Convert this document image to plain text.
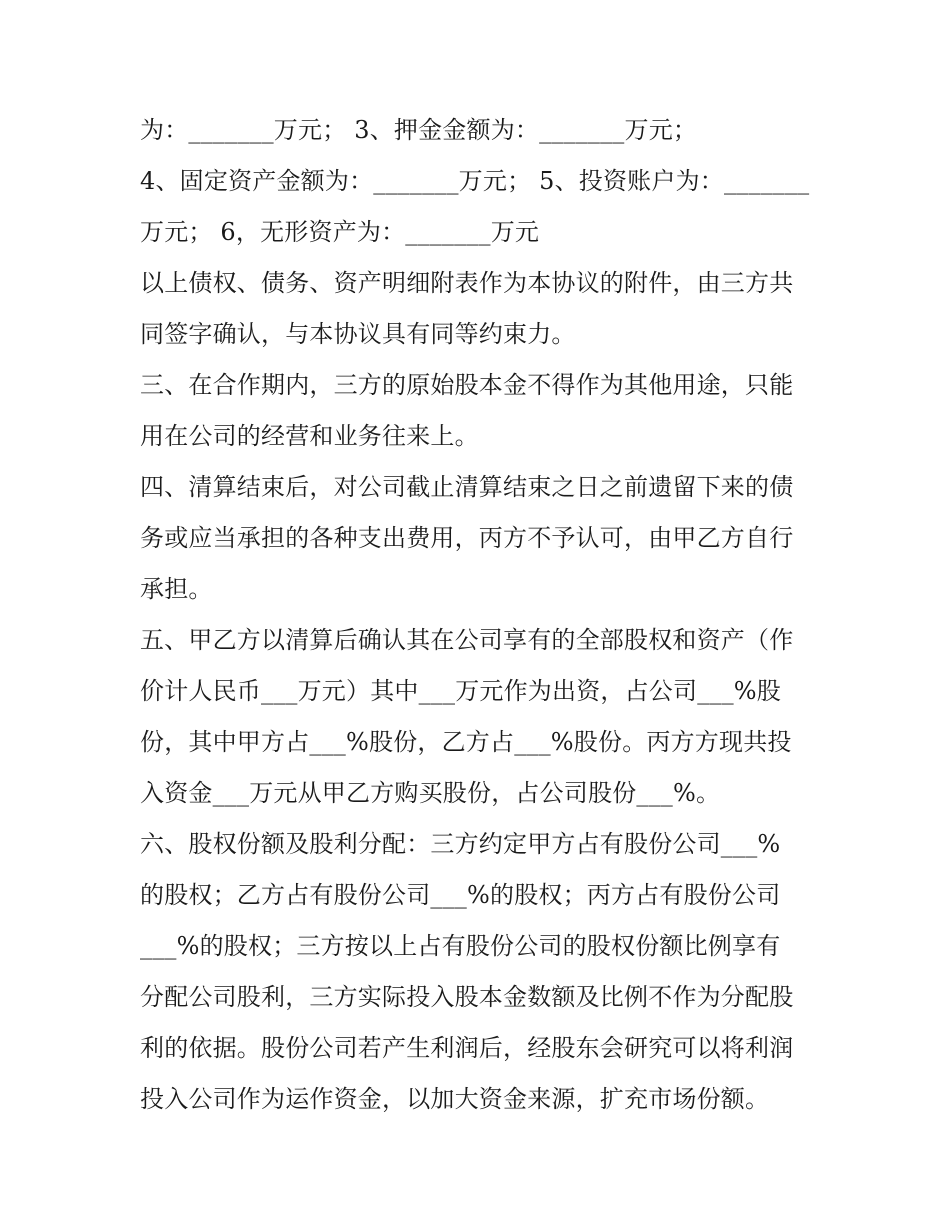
为：_______万元； 3、押金金额为：_______万元；
4、固定资产金额为：_______万元； 5、投资账户为：_______
万元； 6，无形资产为：_______万元
以上债权、债务、资产明细附表作为本协议的附件，由三方共
同签字确认，与本协议具有同等约束力。
三、在合作期内，三方的原始股本金不得作为其他用途，只能
用在公司的经营和业务往来上。
四、清算结束后，对公司截止清算结束之日之前遗留下来的债
务或应当承担的各种支出费用，丙方不予认可，由甲乙方自行
承担。
五、甲乙方以清算后确认其在公司享有的全部股权和资产（作
价计人民币___万元）其中___万元作为出资，占公司___%股
份，其中甲方占___%股份，乙方占___%股份。丙方方现共投
入资金___万元从甲乙方购买股份，占公司股份___%。
六、股权份额及股利分配：三方约定甲方占有股份公司___%
的股权；乙方占有股份公司___%的股权；丙方占有股份公司
___%的股权；三方按以上占有股份公司的股权份额比例享有
分配公司股利，三方实际投入股本金数额及比例不作为分配股
利的依据。股份公司若产生利润后，经股东会研究可以将利润
投入公司作为运作资金，以加大资金来源，扩充市场份额。
